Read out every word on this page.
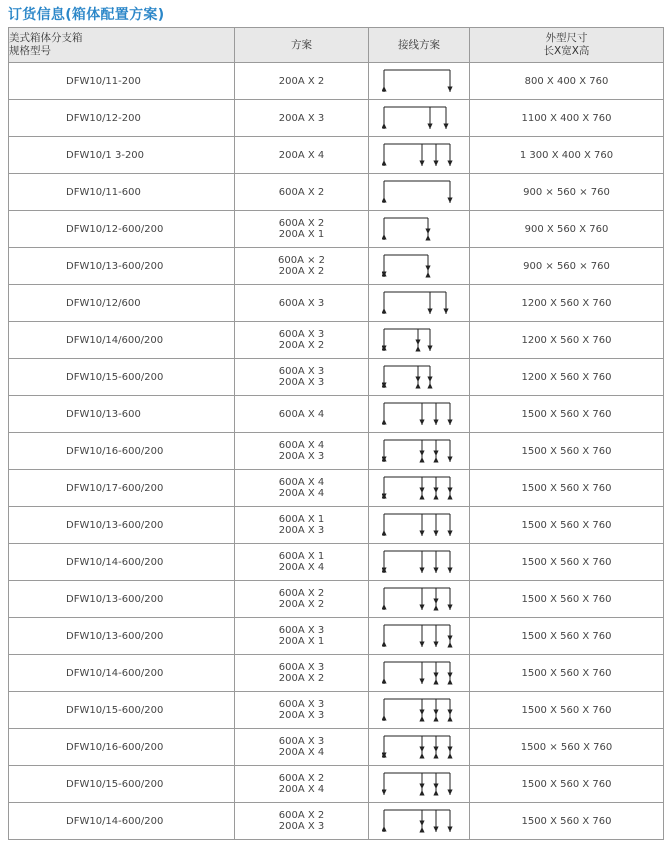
订货信息(箱体配置方案)
美式箱体分支箱
规格型号	方案	接线方案	外型尺寸
长X宽X高

DFW10/11-200	200A X 2		800 X 400 X 760

DFW10/12-200	200A X 3		1100 X 400 X 760

DFW10/1 3-200	200A X 4		1 300 X 400 X 760

DFW10/11-600	600A X 2		900 × 560 × 760

DFW10/12-600/200	600A X 2
200A X 1		900 X 560 X 760

DFW10/13-600/200	600A × 2
200A X 2		900 × 560 × 760

DFW10/12/600	600A X 3		1200 X 560 X 760

DFW10/14/600/200	600A X 3
200A X 2		1200 X 560 X 760

DFW10/15-600/200	600A X 3
200A X 3		1200 X 560 X 760

DFW10/13-600	600A X 4		1500 X 560 X 760

DFW10/16-600/200	600A X 4
200A X 3		1500 X 560 X 760

DFW10/17-600/200	600A X 4
200A X 4		1500 X 560 X 760

DFW10/13-600/200	600A X 1
200A X 3		1500 X 560 X 760

DFW10/14-600/200	600A X 1
200A X 4		1500 X 560 X 760

DFW10/13-600/200	600A X 2
200A X 2		1500 X 560 X 760

DFW10/13-600/200	600A X 3
200A X 1		1500 X 560 X 760

DFW10/14-600/200	600A X 3
200A X 2		1500 X 560 X 760

DFW10/15-600/200	600A X 3
200A X 3		1500 X 560 X 760

DFW10/16-600/200	600A X 3
200A X 4		1500 × 560 X 760

DFW10/15-600/200	600A X 2
200A X 4		1500 X 560 X 760

DFW10/14-600/200	600A X 2
200A X 3		1500 X 560 X 760
